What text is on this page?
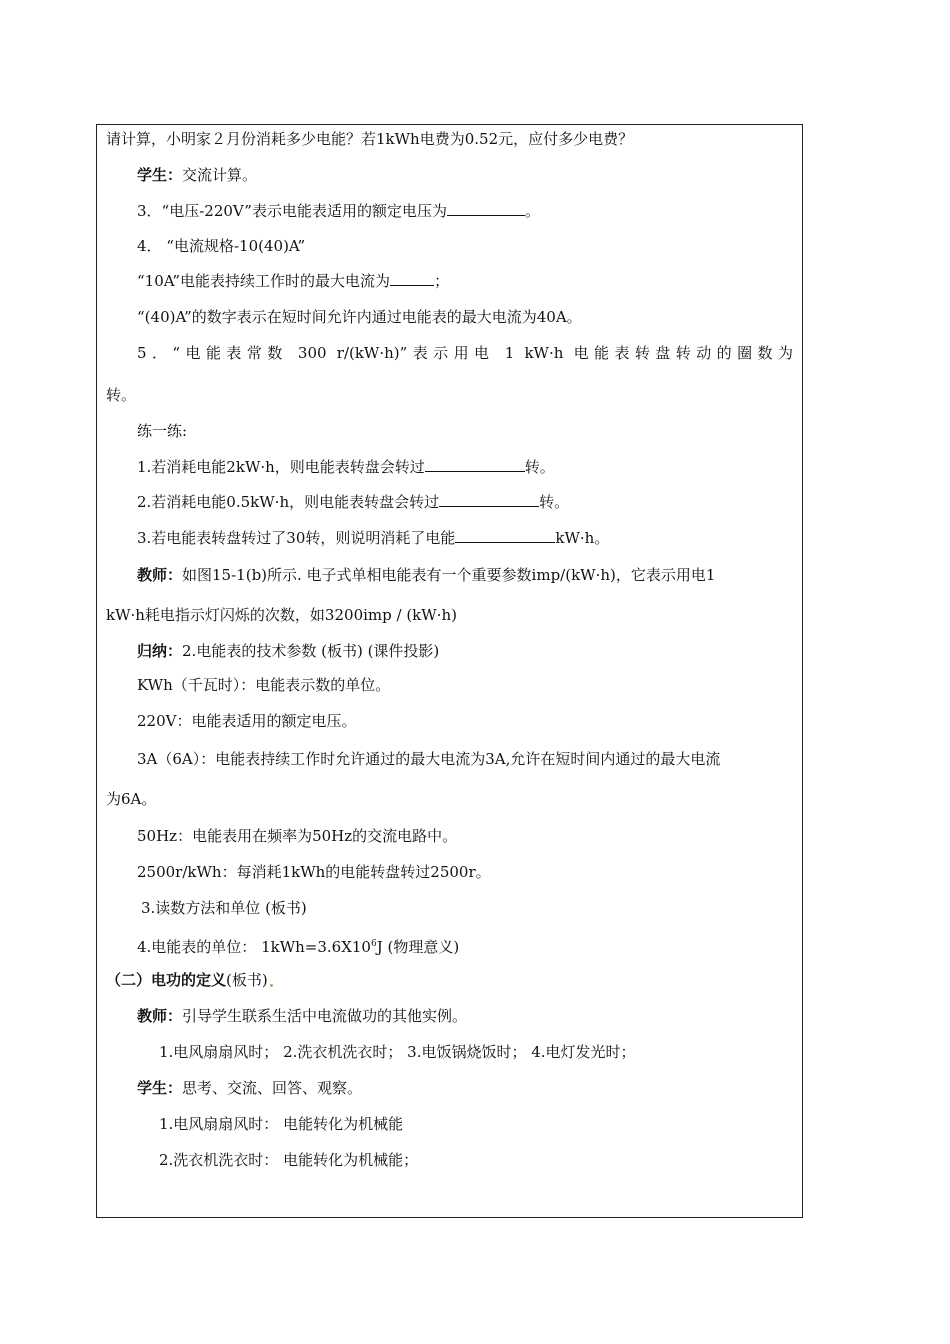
请计算，小明家２月份消耗多少电能？若1kWh电费为0.52元，应付多少电费？
学生：交流计算。
3．“电压-220V”表示电能表适用的额定电压为	。
4． “电流规格-10(40)A”
“10A”电能表持续工作时的最大电流为	；
“(40)A”的数字表示在短时间允许内通过电能表的最大电流为40A。
5．“电能表常数 300 r/(kW·h)”表示用电 1 kW·h 电能表转盘转动的圈数为
转。
练一练:
1.若消耗电能2kW·h，则电能表转盘会转过	转。
2.若消耗电能0.5kW·h，则电能表转盘会转过	转。
3.若电能表转盘转过了30转，则说明消耗了电能	kW·h。
教师：如图15-1(b)所示. 电子式单相电能表有一个重要参数imp/(kW·h)，它表示用电1
kW·h耗电指示灯闪烁的次数，如3200imp / (kW·h)
归纳：2.电能表的技术参数 (板书) (课件投影)
KWh（千瓦时）：电能表示数的单位。
220V：电能表适用的额定电压。
3A（6A）：电能表持续工作时允许通过的最大电流为3A,允许在短时间内通过的最大电流
为6A。
50Hz：电能表用在频率为50Hz的交流电路中。
2500r/kWh：每消耗1kWh的电能转盘转过2500r。
3.读数方法和单位 (板书)
4.电能表的单位： $1kWh=3.6X10^6J$ (物理意义)
（二）电功的定义(板书)
教师：引导学生联系生活中电流做功的其他实例。
1.电风扇扇风时； 2.洗衣机洗衣时； 3.电饭锅烧饭时； 4.电灯发光时；
学生：思考、交流、回答、观察。
1.电风扇扇风时： 电能转化为机械能
2.洗衣机洗衣时： 电能转化为机械能；
